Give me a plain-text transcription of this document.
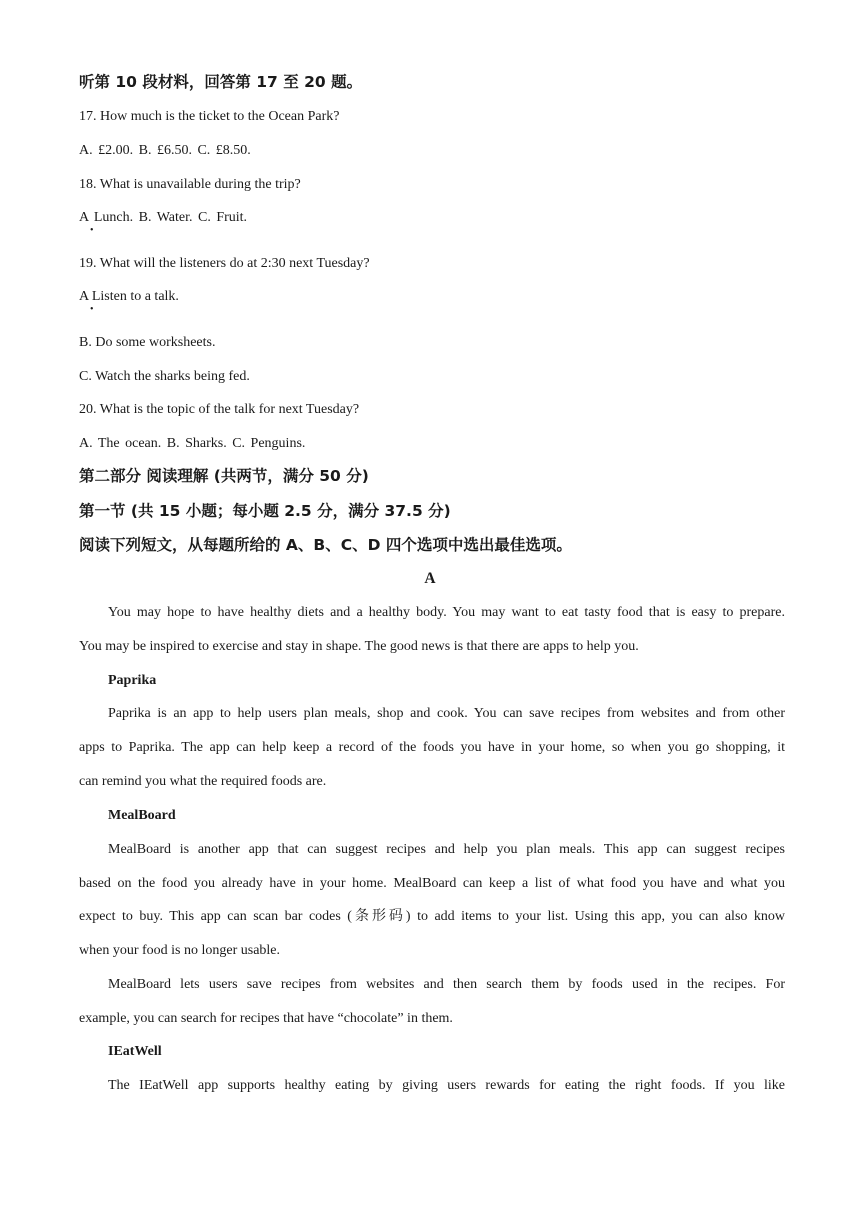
听第 10 段材料，回答第 17 至 20 题。
17. How much is the ticket to the Ocean Park?
A. £2.00. B. £6.50. C. £8.50.
18. What is unavailable during the trip?
A Lunch. B. Water. C. Fruit.
•
19. What will the listeners do at 2:30 next Tuesday?
A Listen to a talk.
•
B. Do some worksheets.
C. Watch the sharks being fed.
20. What is the topic of the talk for next Tuesday?
A. The ocean. B. Sharks. C. Penguins.
第二部分 阅读理解 (共两节，满分 50 分)
第一节 (共 15 小题；每小题 2.5 分，满分 37.5 分)
阅读下列短文，从每题所给的 A、B、C、D 四个选项中选出最佳选项。
A
You may hope to have healthy diets and a healthy body. You may want to eat tasty food that is easy to prepare.
You may be inspired to exercise and stay in shape. The good news is that there are apps to help you.
Paprika
Paprika is an app to help users plan meals, shop and cook. You can save recipes from websites and from other
apps to Paprika. The app can help keep a record of the foods you have in your home, so when you go shopping, it
can remind you what the required foods are.
MealBoard
MealBoard is another app that can suggest recipes and help you plan meals. This app can suggest recipes
based on the food you already have in your home. MealBoard can keep a list of what food you have and what you
expect to buy. This app can scan bar codes (条形码) to add items to your list. Using this app, you can also know
when your food is no longer usable.
MealBoard lets users save recipes from websites and then search them by foods used in the recipes. For
example, you can search for recipes that have “chocolate” in them.
IEatWell
The IEatWell app supports healthy eating by giving users rewards for eating the right foods. If you like
